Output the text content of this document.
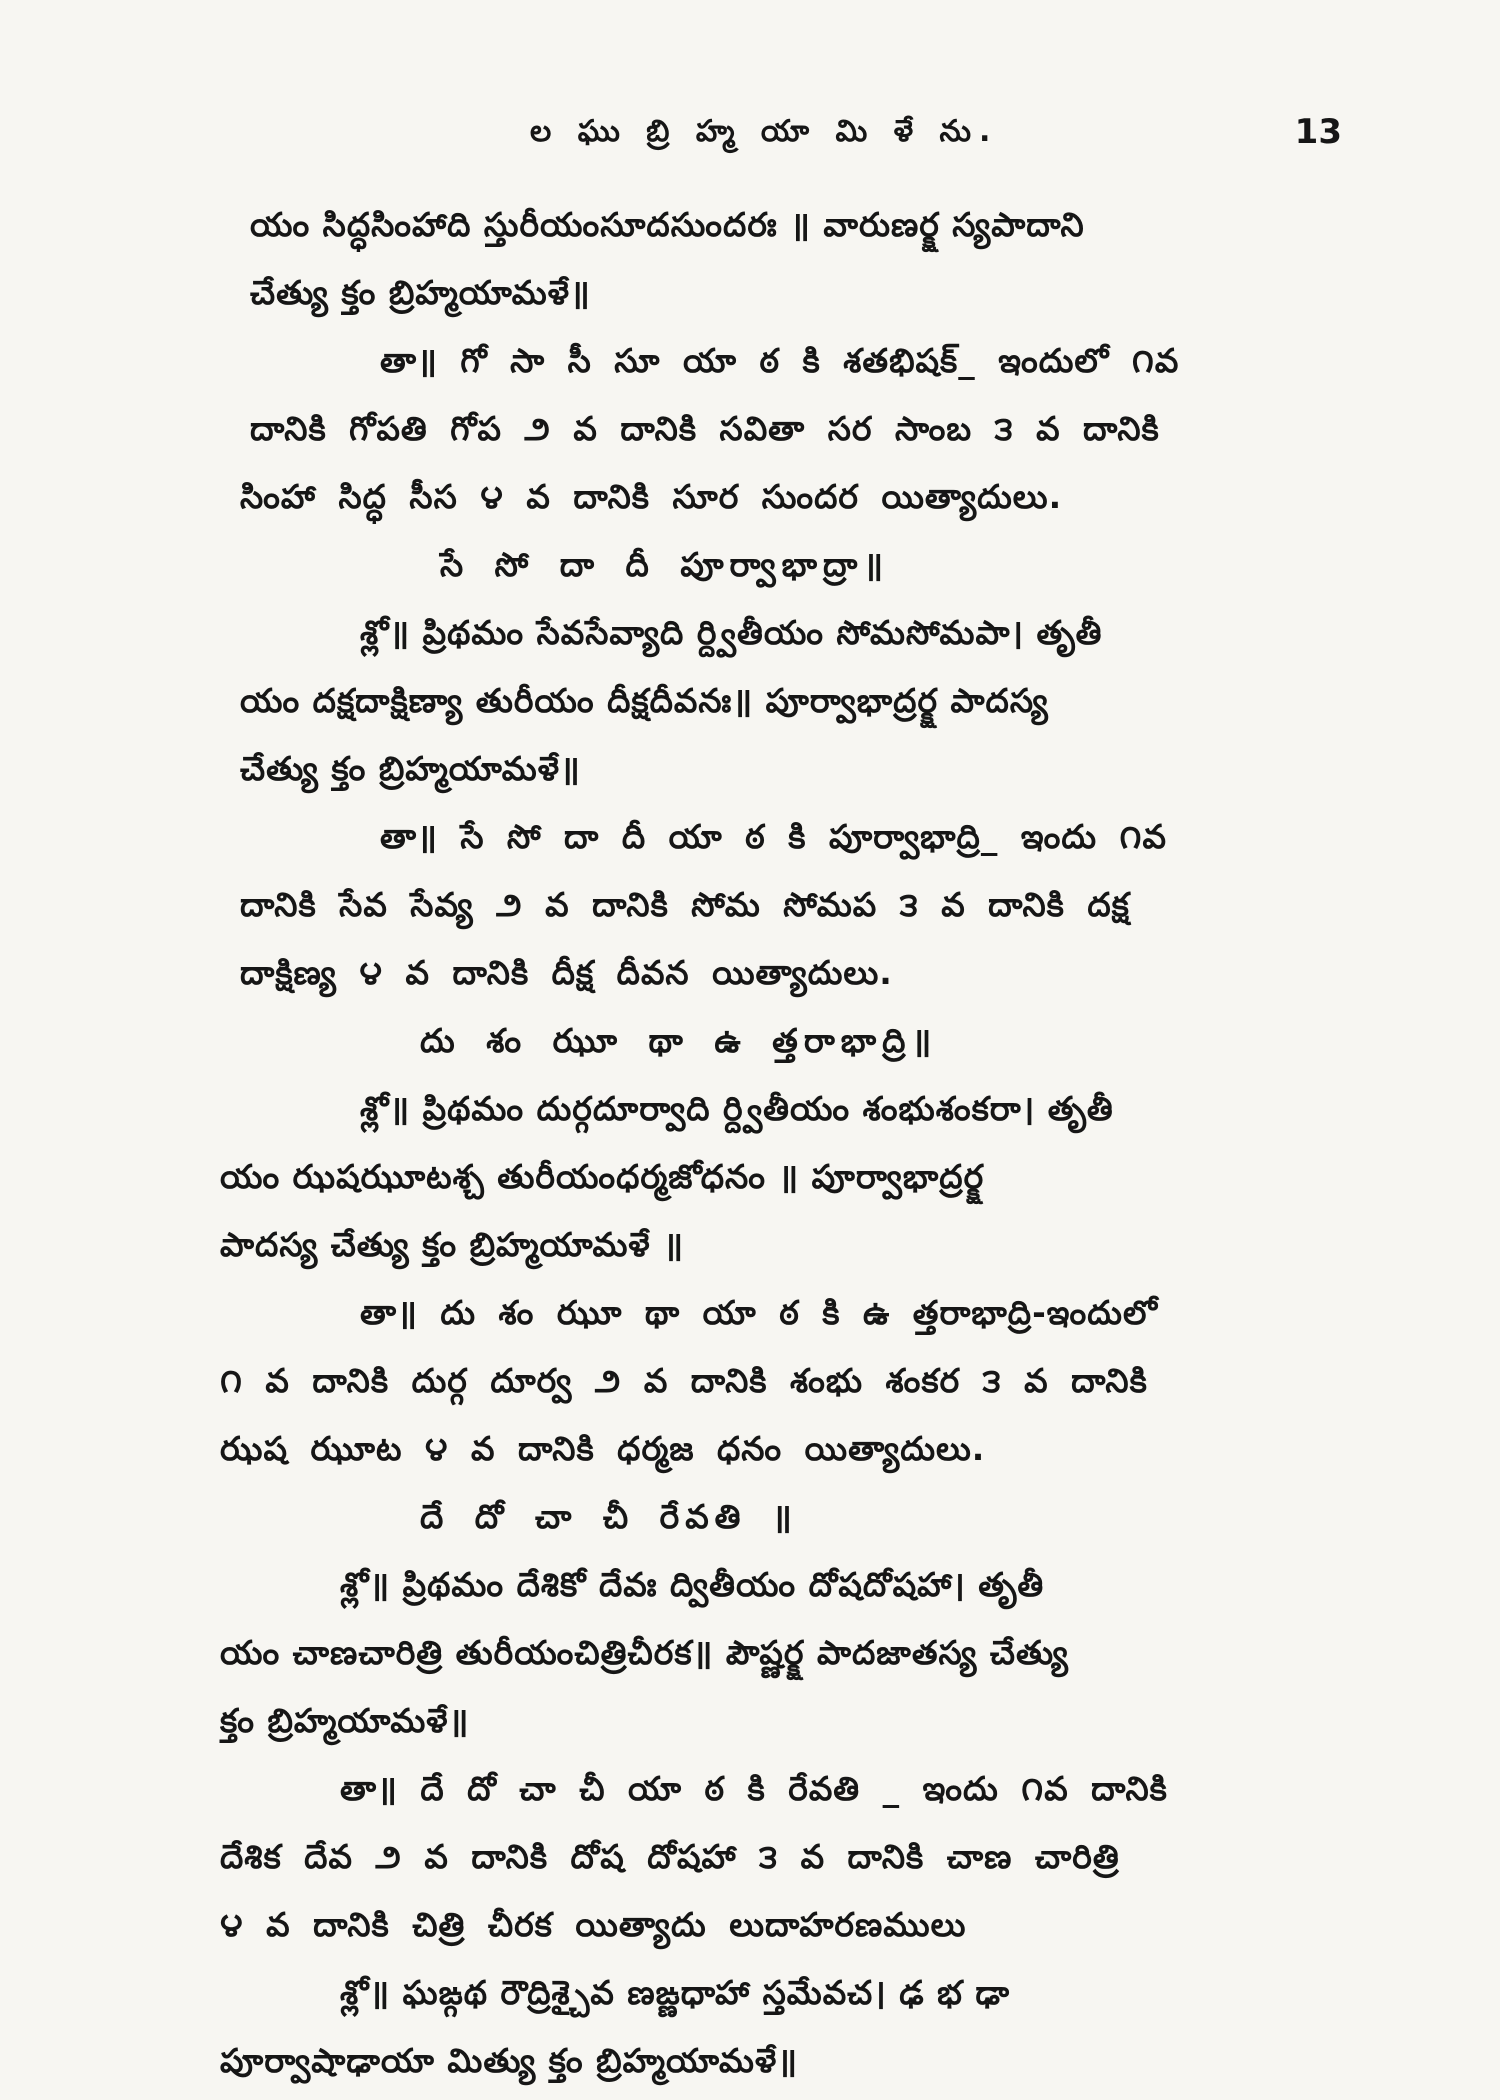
ల ఘు బ్రి హ్మ యా మి ళే ను.	13
యం సిద్ధసింహాది స్తురీయంసూదసుందరః ॥ వారుణర్క్ష స్యపాదాని
చేత్యు క్తం బ్రిహ్మయామళే॥
తా॥ గో సా సీ సూ యా ఠ కి శతభిషక్_ ఇందులో ౧వ
దానికి గోపతి గోప ౨ వ దానికి సవితా సర సాంబ ౩ వ దానికి
సింహా సిద్ధ సీస ౪ వ దానికి సూర సుందర యిత్యాదులు.
సే సో దా దీ పూర్వాభాద్రా॥
శ్లో॥ ప్రిథమం సేవసేవ్యాది ర్ద్వితీయం సోమసోమపా। తృతీ
యం దక్షదాక్షిణ్యా తురీయం దీక్షదీవనః॥ పూర్వాభాద్రర్క్ష పాదస్య
చేత్యు క్తం బ్రిహ్మయామళే॥
తా॥ సే సో దా దీ యా ఠ కి పూర్వాభాద్రి_ ఇందు ౧వ
దానికి సేవ సేవ్య ౨ వ దానికి సోమ సోమప ౩ వ దానికి దక్ష
దాక్షిణ్య ౪ వ దానికి దీక్ష దీవన యిత్యాదులు.
దు శం ఝూ థా ఉ త్తరాభాద్రి॥
శ్లో॥ ప్రిథమం దుర్గదూర్వాది ర్ద్వితీయం శంభుశంకరా। తృతీ
యం ఝషఝూటశ్చ తురీయంధర్మజోధనం ॥ పూర్వాభాద్రర్క్ష
పాదస్య చేత్యు క్తం బ్రిహ్మయామళే ॥
తా॥ దు శం ఝూ థా యా ఠ కి ఉ త్తరాభాద్రి-ఇందులో
౧ వ దానికి దుర్గ దూర్వ ౨ వ దానికి శంభు శంకర ౩ వ దానికి
ఝష ఝూట ౪ వ దానికి ధర్మజ ధనం యిత్యాదులు.
దే దో చా చీ రేవతి ॥
శ్లో॥ ప్రిథమం దేశికో దేవః ద్వితీయం దోషదోషహా। తృతీ
యం చాణచారిత్రి తురీయంచిత్రిచీరక॥ పౌష్ణర్క్ష పాదజాతస్య చేత్యు
క్తం బ్రిహ్మయామళే॥
తా॥ దే దో చా చీ యా ఠ కి రేవతి _ ఇందు ౧వ దానికి
దేశిక దేవ ౨ వ దానికి దోష దోషహా ౩ వ దానికి చాణ చారిత్రి
౪ వ దానికి చిత్రి చీరక యిత్యాదు లుదాహరణములు
శ్లో॥ ఘఙ్గథ రౌద్రిశ్చైవ ణఙ్ణధాహా స్తమేవచ। ఢ భ ఢా
పూర్వాషాఢాయా మిత్యు క్తం బ్రిహ్మయామళే॥
